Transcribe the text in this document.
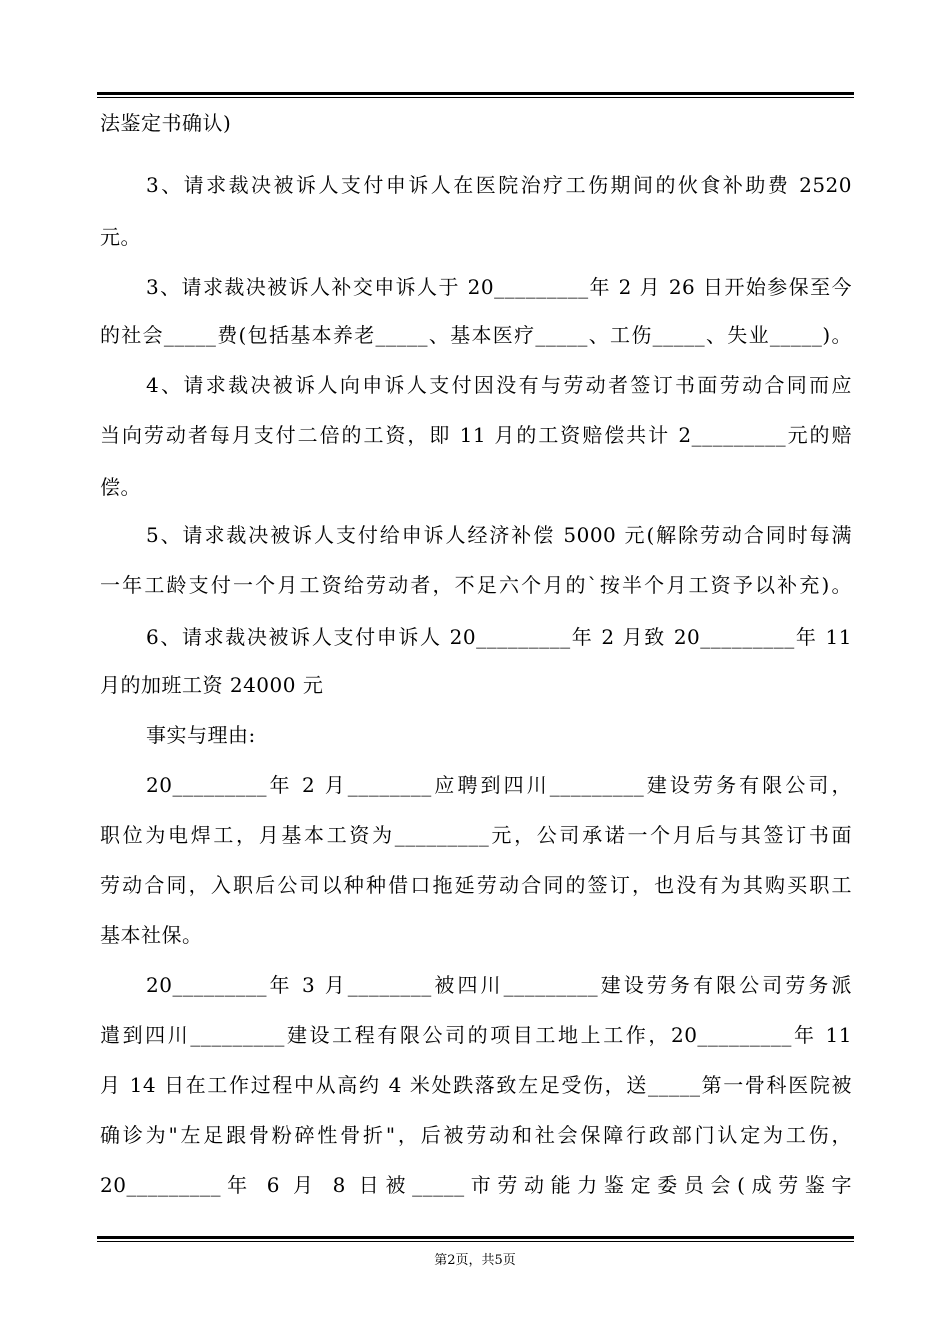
法鉴定书确认)
3、请求裁决被诉人支付申诉人在医院治疗工伤期间的伙食补助费 2520
元。
3、请求裁决被诉人补交申诉人于 20_________年 2 月 26 日开始参保至今
的社会_____费(包括基本养老_____、基本医疗_____、工伤_____、失业_____)。
4、请求裁决被诉人向申诉人支付因没有与劳动者签订书面劳动合同而应
当向劳动者每月支付二倍的工资，即 11 月的工资赔偿共计 2_________元的赔
偿。
5、请求裁决被诉人支付给申诉人经济补偿 5000 元(解除劳动合同时每满
一年工龄支付一个月工资给劳动者，不足六个月的`按半个月工资予以补充)。
6、请求裁决被诉人支付申诉人 20_________年 2 月致 20_________年 11
月的加班工资 24000 元
事实与理由:
20_________年 2 月________应聘到四川_________建设劳务有限公司，
职位为电焊工，月基本工资为_________元，公司承诺一个月后与其签订书面
劳动合同，入职后公司以种种借口拖延劳动合同的签订，也没有为其购买职工
基本社保。
20_________年 3 月________被四川_________建设劳务有限公司劳务派
遣到四川_________建设工程有限公司的项目工地上工作，20_________年 11
月 14 日在工作过程中从高约 4 米处跌落致左足受伤，送_____第一骨科医院被
确诊为"左足跟骨粉碎性骨折"，后被劳动和社会保障行政部门认定为工伤，
20_________年 6 月 8 日被_____市劳动能力鉴定委员会(成劳鉴字
第2页，共5页
